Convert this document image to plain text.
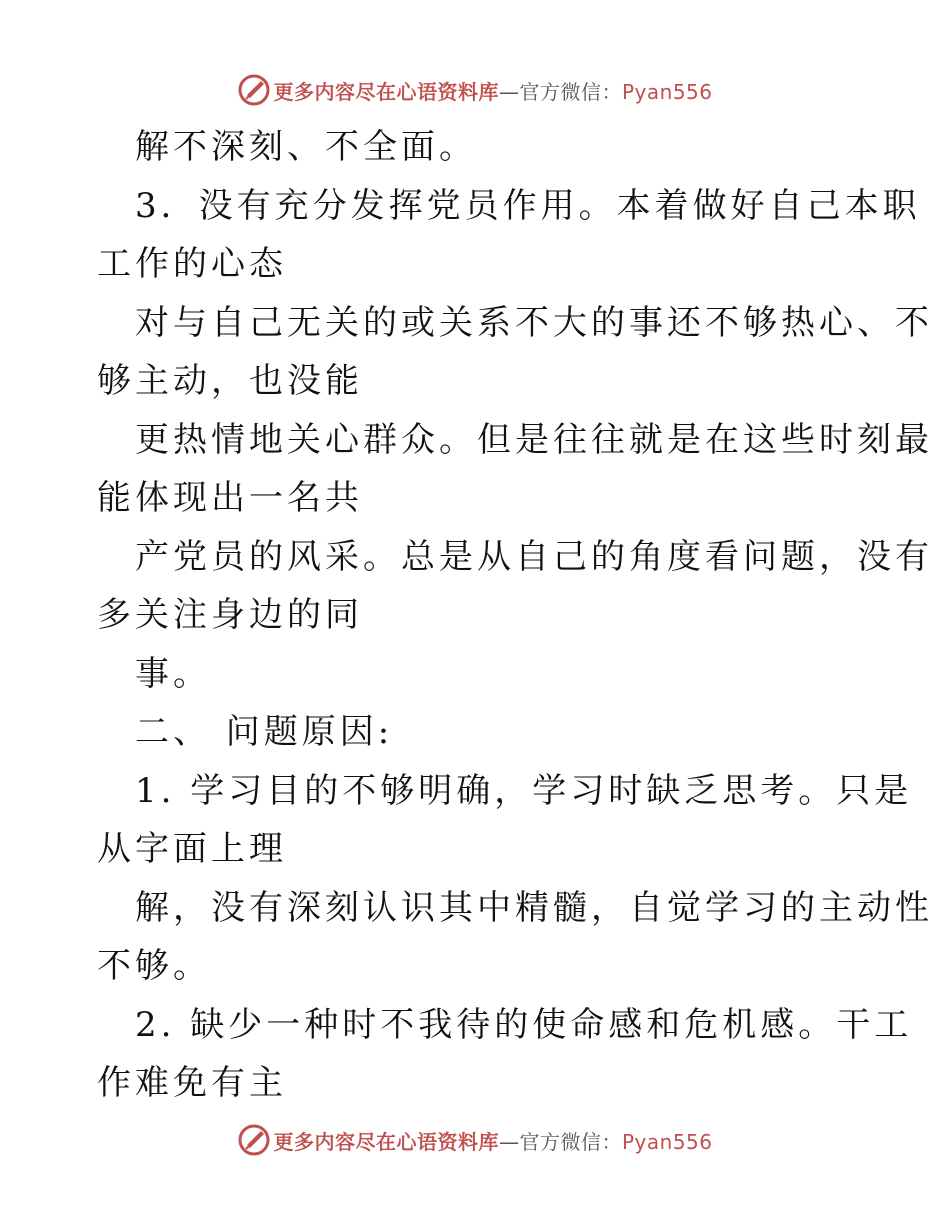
更多内容尽在心语资料库—官方微信：Pyan556
解不深刻、不全面。
3．没有充分发挥党员作用。本着做好自己本职
工作的心态
对与自己无关的或关系不大的事还不够热心、不
够主动，也没能
更热情地关心群众。但是往往就是在这些时刻最
能体现出一名共
产党员的风采。总是从自己的角度看问题，没有
多关注身边的同
事。
二、 问题原因:
1. 学习目的不够明确，学习时缺乏思考。只是
从字面上理
解，没有深刻认识其中精髓，自觉学习的主动性
不够。
2. 缺少一种时不我待的使命感和危机感。干工
作难免有主
更多内容尽在心语资料库—官方微信：Pyan556
